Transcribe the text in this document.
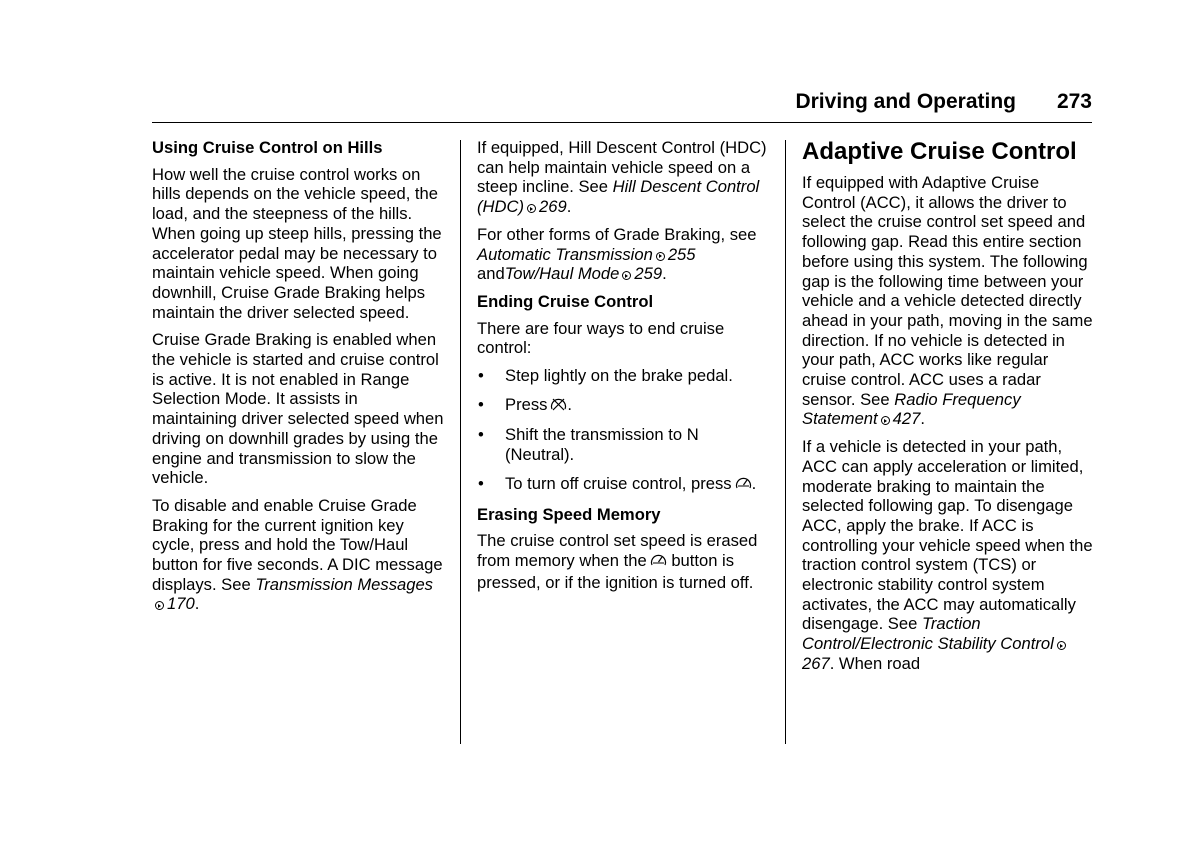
Driving and Operating 273
Using Cruise Control on Hills

How well the cruise control works on hills depends on the vehicle speed, the load, and the steepness of the hills. When going up steep hills, pressing the accelerator pedal may be necessary to maintain vehicle speed. When going downhill, Cruise Grade Braking helps maintain the driver selected speed.

Cruise Grade Braking is enabled when the vehicle is started and cruise control is active. It is not enabled in Range Selection Mode. It assists in maintaining driver selected speed when driving on downhill grades by using the engine and transmission to slow the vehicle.

To disable and enable Cruise Grade Braking for the current ignition key cycle, press and hold the Tow/Haul button for five seconds. A DIC message displays. See Transmission Messages170.

If equipped, Hill Descent Control (HDC) can help maintain vehicle speed on a steep incline. See Hill Descent Control (HDC) 269.

For other forms of Grade Braking, see Automatic Transmission 255 andTow/Haul Mode 259.

Ending Cruise Control

There are four ways to end cruise control:

• Step lightly on the brake pedal.
• Press .
• Shift the transmission to N (Neutral).
• To turn off cruise control, press .
Erasing Speed Memory

The cruise control set speed is erased from memory when the button is pressed, or if the ignition is turned off.

Adaptive Cruise Control

If equipped with Adaptive Cruise Control (ACC), it allows the driver to select the cruise control set speed and following gap. Read this entire section before using this system. The following gap is the following time between your vehicle and a vehicle detected directly ahead in your path, moving in the same direction. If no vehicle is detected in your path, ACC works like regular cruise control. ACC uses a radar sensor. See Radio Frequency Statement 427.

If a vehicle is detected in your path, ACC can apply acceleration or limited, moderate braking to maintain the selected following gap. To disengage ACC, apply the brake. If ACC is controlling your vehicle speed when the traction control system (TCS) or electronic stability control system activates, the ACC may automatically disengage. See Traction Control/Electronic Stability Control267. When road
